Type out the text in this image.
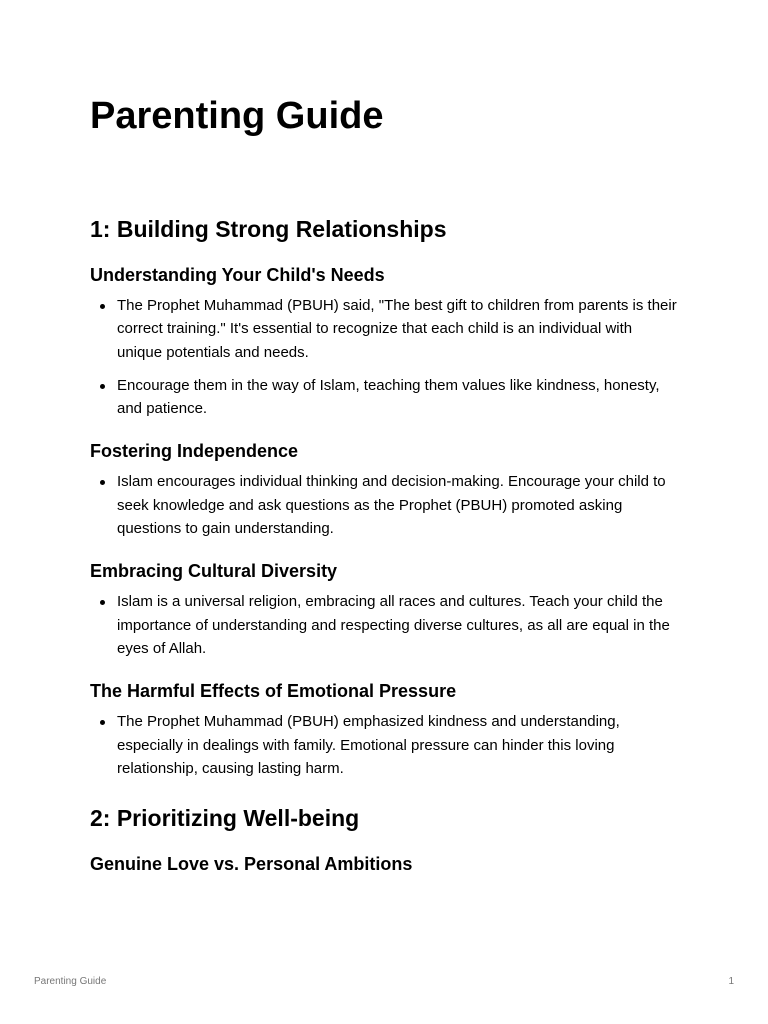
Parenting Guide
1: Building Strong Relationships
Understanding Your Child's Needs
The Prophet Muhammad (PBUH) said, "The best gift to children from parents is their correct training." It's essential to recognize that each child is an individual with unique potentials and needs.
Encourage them in the way of Islam, teaching them values like kindness, honesty, and patience.
Fostering Independence
Islam encourages individual thinking and decision-making. Encourage your child to seek knowledge and ask questions as the Prophet (PBUH) promoted asking questions to gain understanding.
Embracing Cultural Diversity
Islam is a universal religion, embracing all races and cultures. Teach your child the importance of understanding and respecting diverse cultures, as all are equal in the eyes of Allah.
The Harmful Effects of Emotional Pressure
The Prophet Muhammad (PBUH) emphasized kindness and understanding, especially in dealings with family. Emotional pressure can hinder this loving relationship, causing lasting harm.
2: Prioritizing Well-being
Genuine Love vs. Personal Ambitions
Parenting Guide	1
